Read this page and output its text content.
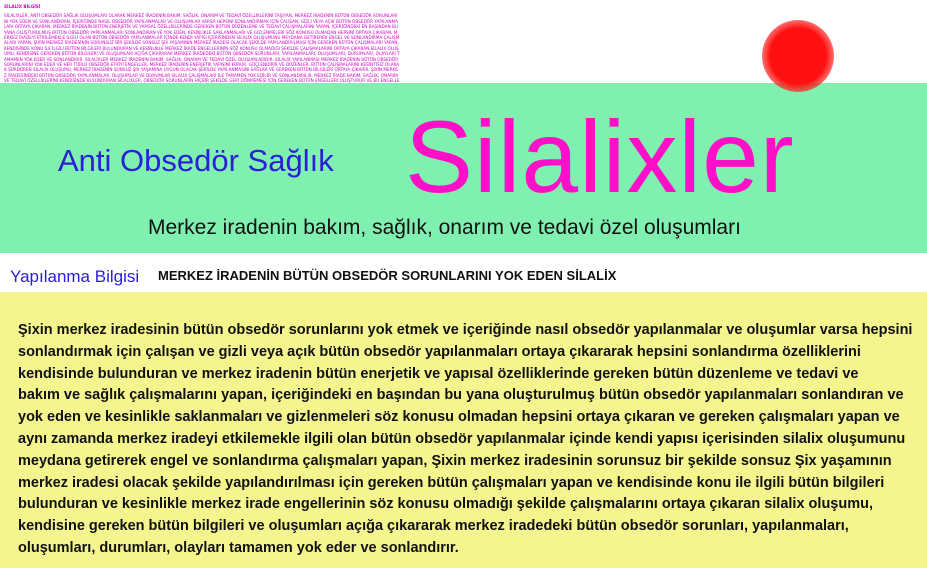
SİLALİX BİLGİSİ
SİLALİXLER, ANTİ OBSEDÖR SAĞLIK OLUŞUMLARI OLARAK MERKEZ İRADENİN BAKIM, SAĞLIK, ONARIM VE TEDAVİ ÖZELLİKLERİNİ TAŞIYAN, MERKEZ İRADENİN BÜTÜN OBSEDÖR SORUNLARINI YOK EDEN VE SONLANDIRAN, İÇERİĞİNDE NASIL OBSEDÖR YAPILANMALAR VE OLUŞUMLAR VARSA HEPSİNİ SONLANDIRMAK İÇİN ÇALIŞAN, GİZLİ VEYA AÇIK BÜTÜN OBSEDÖR YAPILANMALARI ORTAYA ÇIKARAN, MERKEZ İRADENİN BÜTÜN ENERJETİK VE YAPISAL ÖZELLİKLERİNDE GEREKEN BÜTÜN DÜZENLEME VE TEDAVİ ÇALIŞMALARINI YAPAN, İÇERİĞİNDEKİ EN BAŞINDAN BU YANA OLUŞTURULMUŞ BÜTÜN OBSEDÖR YAPILANMALARI SONLANDIRAN VE YOK EDEN, KESİNLİKLE SAKLANMALARI VE GİZLENMELERİ SÖZ KONUSU OLMADAN HEPSİNİ ORTAYA ÇIKARAN, MERKEZ İRADEYİ ETKİLEMEKLE İLGİLİ OLAN BÜTÜN OBSEDÖR YAPILANMALAR İÇİNDE KENDİ YAPISI İÇERİSİNDEN SİLALİX OLUŞUMUNU MEYDANA GETİREREK ENGEL VE SONLANDIRMA ÇALIŞMALARI YAPAN, ŞİXİN MERKEZ İRADESİNİN SORUNSUZ BİR ŞEKİLDE SONSUZ ŞİX YAŞAMININ MERKEZ İRADESİ OLACAK ŞEKİLDE YAPILANDIRILMASI İÇİN GEREKEN BÜTÜN ÇALIŞMALARI YAPAN, KENDİSİNDE KONU İLE İLGİLİ BÜTÜN BİLGİLERİ BULUNDURAN VE KESİNLİKLE MERKEZ İRADE ENGELLERİNİN SÖZ KONUSU OLMADIĞI ŞEKİLDE ÇALIŞMALARINI ORTAYA ÇIKARAN SİLALİX OLUŞUMU, KENDİSİNE GEREKEN BÜTÜN BİLGİLERİ VE OLUŞUMLARI AÇIĞA ÇIKARARAK MERKEZ İRADEDEKİ BÜTÜN OBSEDÖR SORUNLARI, YAPILANMALARI, OLUŞUMLARI, DURUMLARI, OLAYLARI TAMAMEN YOK EDER VE SONLANDIRIR. SİLALİXLER MERKEZ İRADENİN BAKIM, SAĞLIK, ONARIM VE TEDAVİ ÖZEL OLUŞUMLARIDIR. SİLALİX YAPILANMASI MERKEZ İRADENİN BÜTÜN OBSEDÖR SORUNLARINI YOK EDER VE HER TÜRLÜ OBSEDÖR ETKİYİ ENGELLER, MERKEZ İRADENİN ENERJETİK YAPISINI KORUR, GÜÇLENDİRİR VE DÜZENLER. BÜTÜN ÇALIŞMALARINI KESİNTİSİZ OLARAK SÜRDÜREN SİLALİX OLUŞUMU, MERKEZ İRADENİN SONSUZ ŞİX YAŞAMINA UYGUN OLACAK ŞEKİLDE YAPILANMASINI SAĞLAR VE GEREKEN BÜTÜN BİLGİLERİ ORTAYA ÇIKARIR. ŞİXİN MERKEZ İRADESİNDEKİ BÜTÜN OBSEDÖR YAPILANMALAR, OLUŞUMLAR VE DURUMLAR SİLALİX ÇALIŞMALARI İLE TAMAMEN YOK EDİLİR VE SONLANDIRILIR. MERKEZ İRADE BAKIM, SAĞLIK, ONARIM VE TEDAVİ ÖZELLİKLERİNİ KENDİSİNDE BULUNDURAN SİLALİXLER, OBSEDÖR SORUNLARIN HİÇBİR ŞEKİLDE GERİ DÖNMEMESİ İÇİN GEREKEN BÜTÜN ENGELLERİ OLUŞTURUR VE BU ENGELLE
Anti Obsedör Sağlık Silalixler
Merkez iradenin bakım, sağlık, onarım ve tedavi özel oluşumları
Yapılanma Bilgisi MERKEZ İRADENİN BÜTÜN OBSEDÖR SORUNLARINI YOK EDEN SİLALİX
Şixin merkez iradesinin bütün obsedör sorunlarını yok etmek ve içeriğinde nasıl obsedör yapılanmalar ve oluşumlar varsa hepsini
sonlandırmak için çalışan ve gizli veya açık bütün obsedör yapılanmaları ortaya çıkararak hepsini sonlandırma özelliklerini
kendisinde bulunduran ve merkez iradenin bütün enerjetik ve yapısal özelliklerinde gereken bütün düzenleme ve tedavi ve
bakım ve sağlık çalışmalarını yapan, içeriğindeki en başından bu yana oluşturulmuş bütün obsedör yapılanmaları sonlandıran ve
yok eden ve kesinlikle saklanmaları ve gizlenmeleri söz konusu olmadan hepsini ortaya çıkaran ve gereken çalışmaları yapan ve
aynı zamanda merkez iradeyi etkilemekle ilgili olan bütün obsedör yapılanmalar içinde kendi yapısı içerisinden silalix oluşumunu
meydana getirerek engel ve sonlandırma çalışmaları yapan, Şixin merkez iradesinin sorunsuz bir şekilde sonsuz Şix yaşamının
merkez iradesi olacak şekilde yapılandırılması için gereken bütün çalışmaları yapan ve kendisinde konu ile ilgili bütün bilgileri
bulunduran ve kesinlikle merkez irade engellerinin söz konusu olmadığı şekilde çalışmalarını ortaya çıkaran silalix oluşumu,
kendisine gereken bütün bilgileri ve oluşumları açığa çıkararak merkez iradedeki bütün obsedör sorunları, yapılanmaları,
oluşumları, durumları, olayları tamamen yok eder ve sonlandırır.
